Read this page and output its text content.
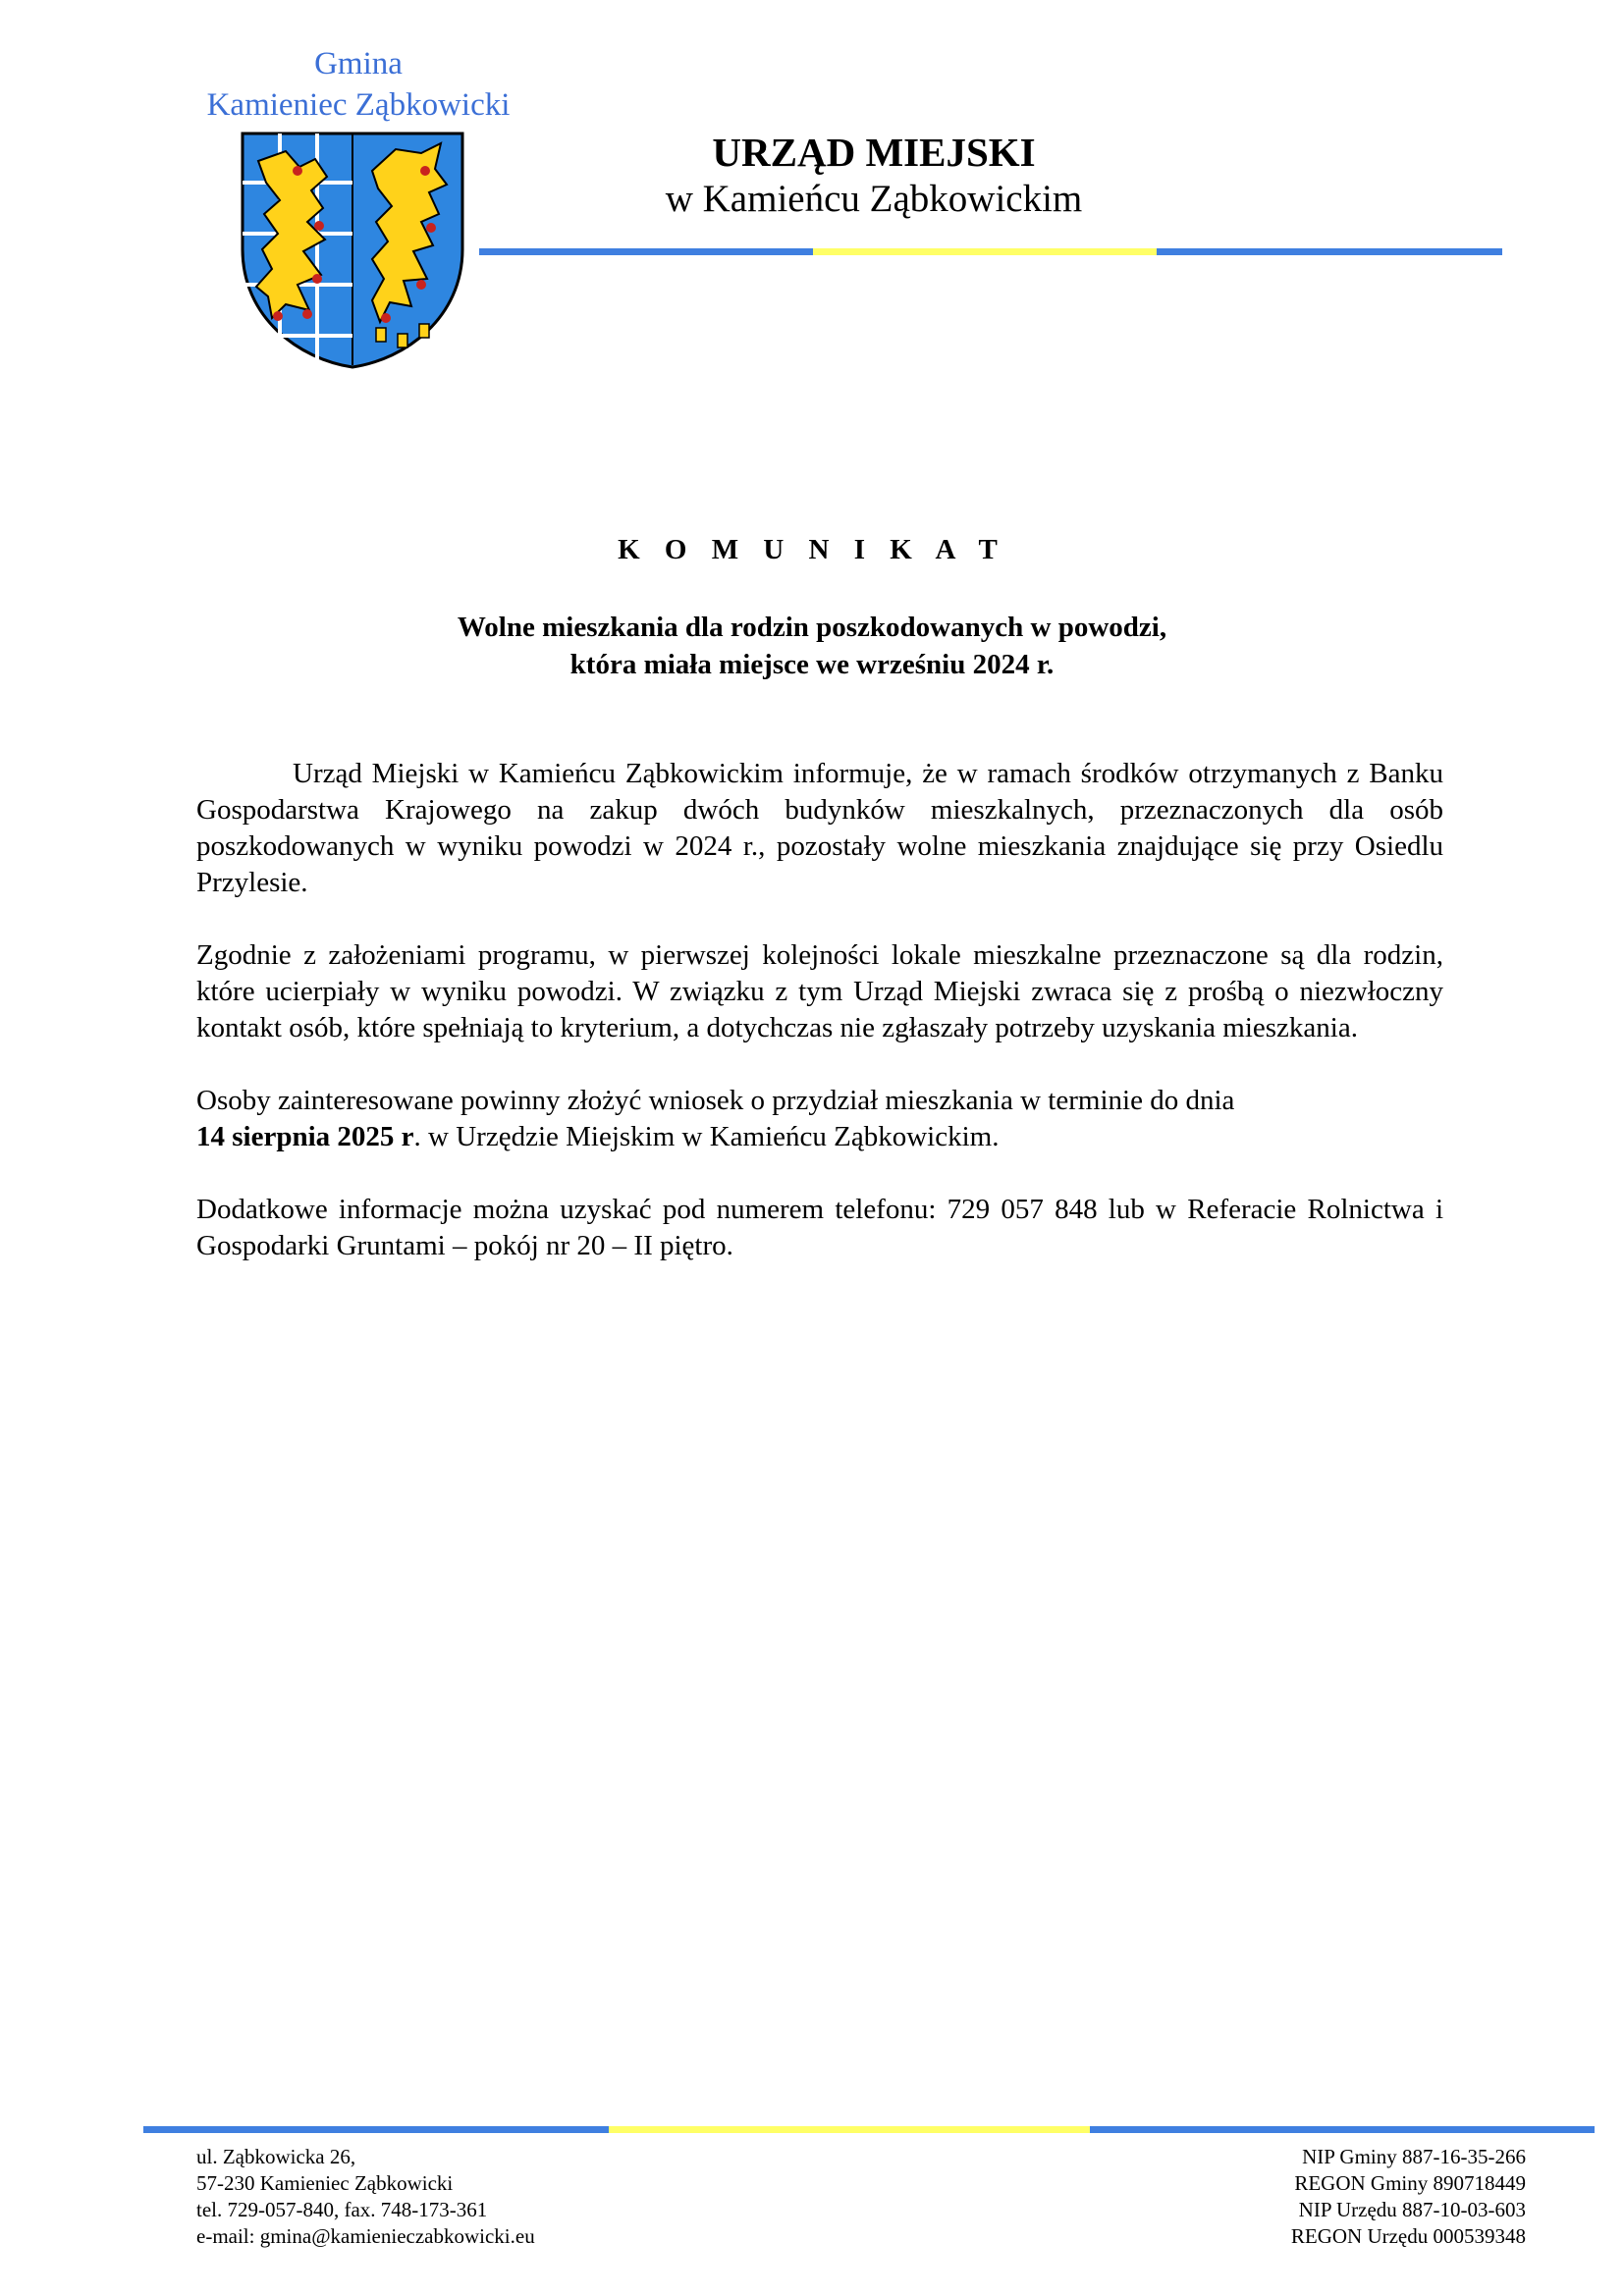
Gmina
Kamieniec Ząbkowicki
URZĄD MIEJSKI
w Kamieńcu Ząbkowickim
K O M U N I K A T
Wolne mieszkania dla rodzin poszkodowanych w powodzi,
która miała miejsce we wrześniu 2024 r.

Urząd Miejski w Kamieńcu Ząbkowickim informuje, że w ramach środków otrzymanych z Banku Gospodarstwa Krajowego na zakup dwóch budynków mieszkalnych, przeznaczonych dla osób poszkodowanych w wyniku powodzi w 2024 r., pozostały wolne mieszkania znajdujące się przy Osiedlu Przylesie.

Zgodnie z założeniami programu, w pierwszej kolejności lokale mieszkalne przeznaczone są dla rodzin, które ucierpiały w wyniku powodzi. W związku z tym Urząd Miejski zwraca się z prośbą o niezwłoczny kontakt osób, które spełniają to kryterium, a dotychczas nie zgłaszały potrzeby uzyskania mieszkania.

Osoby zainteresowane powinny złożyć wniosek o przydział mieszkania w terminie do dnia
14 sierpnia 2025 r. w Urzędzie Miejskim w Kamieńcu Ząbkowickim.

Dodatkowe informacje można uzyskać pod numerem telefonu: 729 057 848 lub w Referacie Rolnictwa i Gospodarki Gruntami – pokój nr 20 – II piętro.

ul. Ząbkowicka 26,
57-230 Kamieniec Ząbkowicki
tel. 729-057-840, fax. 748-173-361
e-mail: gmina@kamienieczabkowicki.eu
NIP Gminy 887-16-35-266
REGON Gminy 890718449
NIP Urzędu 887-10-03-603
REGON Urzędu 000539348
